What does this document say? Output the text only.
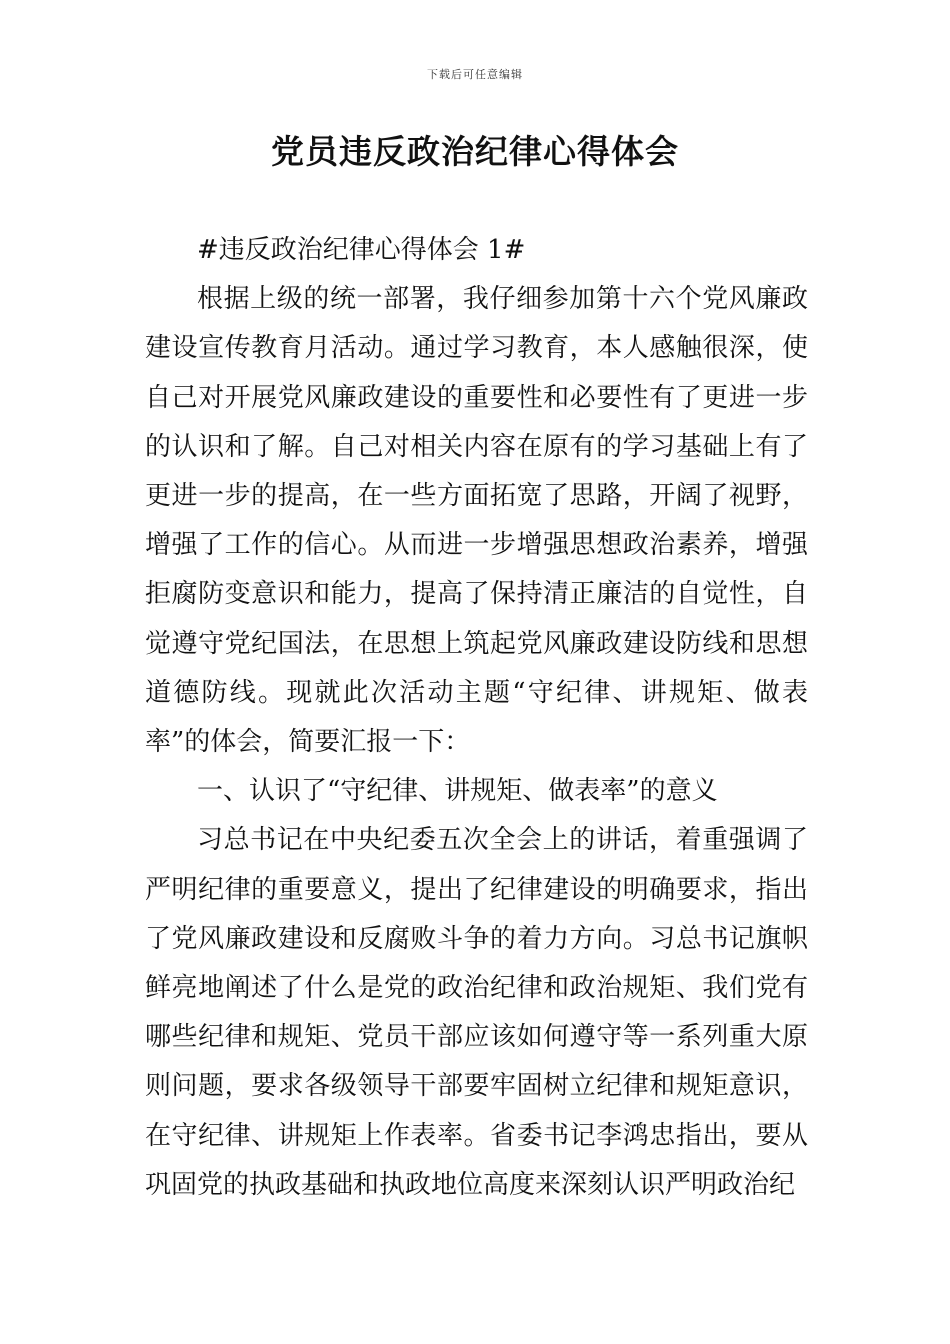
下载后可任意编辑
党员违反政治纪律心得体会

#违反政治纪律心得体会 1#

根据上级的统一部署，我仔细参加第十六个党风廉政建设宣传教育月活动。通过学习教育，本人感触很深，使自己对开展党风廉政建设的重要性和必要性有了更进一步的认识和了解。自己对相关内容在原有的学习基础上有了更进一步的提高，在一些方面拓宽了思路，开阔了视野，增强了工作的信心。从而进一步增强思想政治素养，增强拒腐防变意识和能力，提高了保持清正廉洁的自觉性，自觉遵守党纪国法，在思想上筑起党风廉政建设防线和思想道德防线。现就此次活动主题“守纪律、讲规矩、做表率”的体会，简要汇报一下：

一、认识了“守纪律、讲规矩、做表率”的意义

习总书记在中央纪委五次全会上的讲话，着重强调了严明纪律的重要意义，提出了纪律建设的明确要求，指出了党风廉政建设和反腐败斗争的着力方向。习总书记旗帜鲜亮地阐述了什么是党的政治纪律和政治规矩、我们党有哪些纪律和规矩、党员干部应该如何遵守等一系列重大原则问题，要求各级领导干部要牢固树立纪律和规矩意识，在守纪律、讲规矩上作表率。省委书记李鸿忠指出，要从巩固党的执政基础和执政地位高度来深刻认识严明政治纪
